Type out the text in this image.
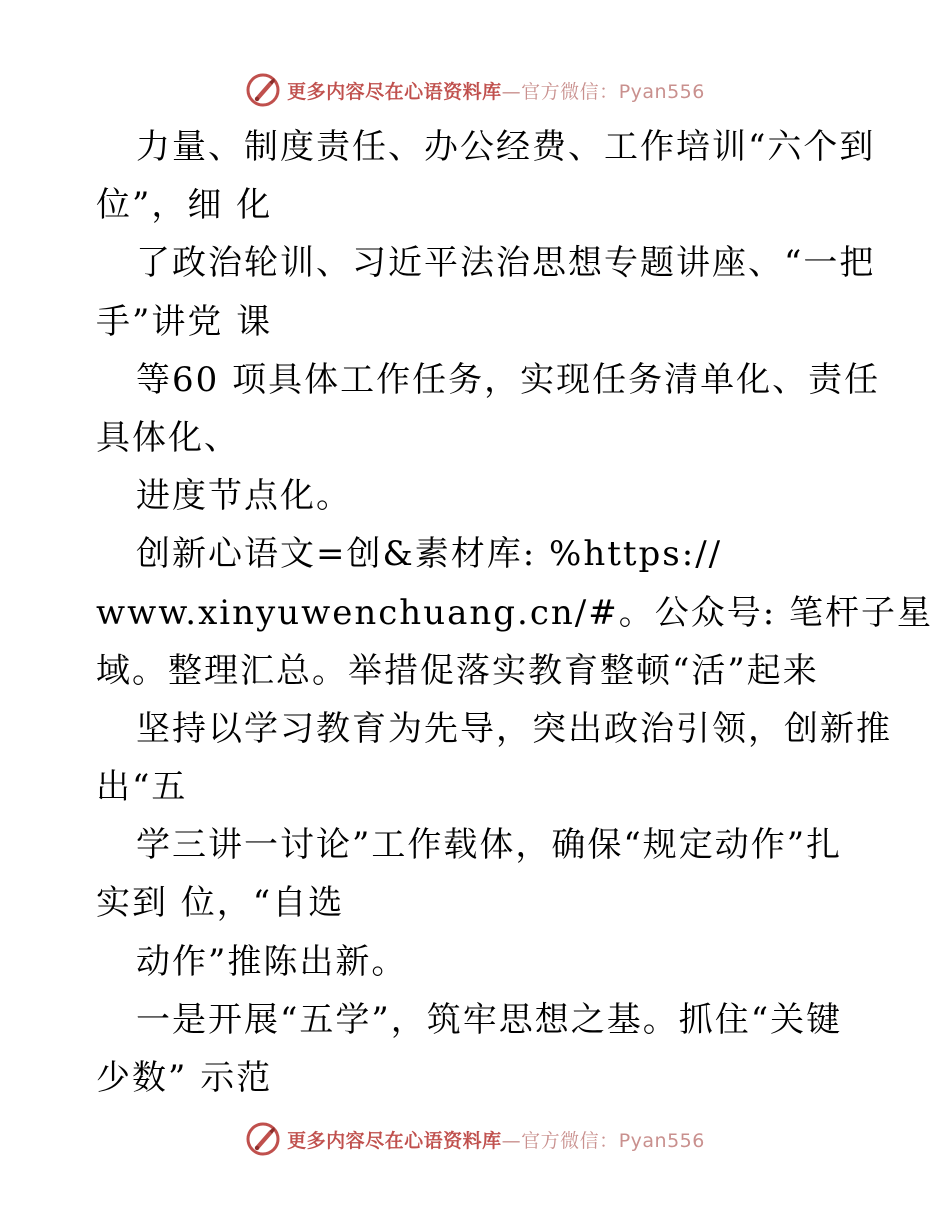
更多内容尽在心语资料库—官方微信：Pyan556
力量、制度责任、办公经费、工作培训“六个到
位”，细 化
了政治轮训、习近平法治思想专题讲座、“一把
手”讲党 课
等60 项具体工作任务，实现任务清单化、责任
具体化、
进度节点化。
创新心语文=创&素材库: %https://
www.xinyuwenchuang.cn/#。公众号: 笔杆子星
域。整理汇总。举措促落实教育整顿“活”起来
坚持以学习教育为先导，突出政治引领，创新推
出“五
学三讲一讨论”工作载体，确保“规定动作”扎
实到 位，“自选
动作”推陈出新。
一是开展“五学”，筑牢思想之基。抓住“关键
少数” 示范
更多内容尽在心语资料库—官方微信：Pyan556
